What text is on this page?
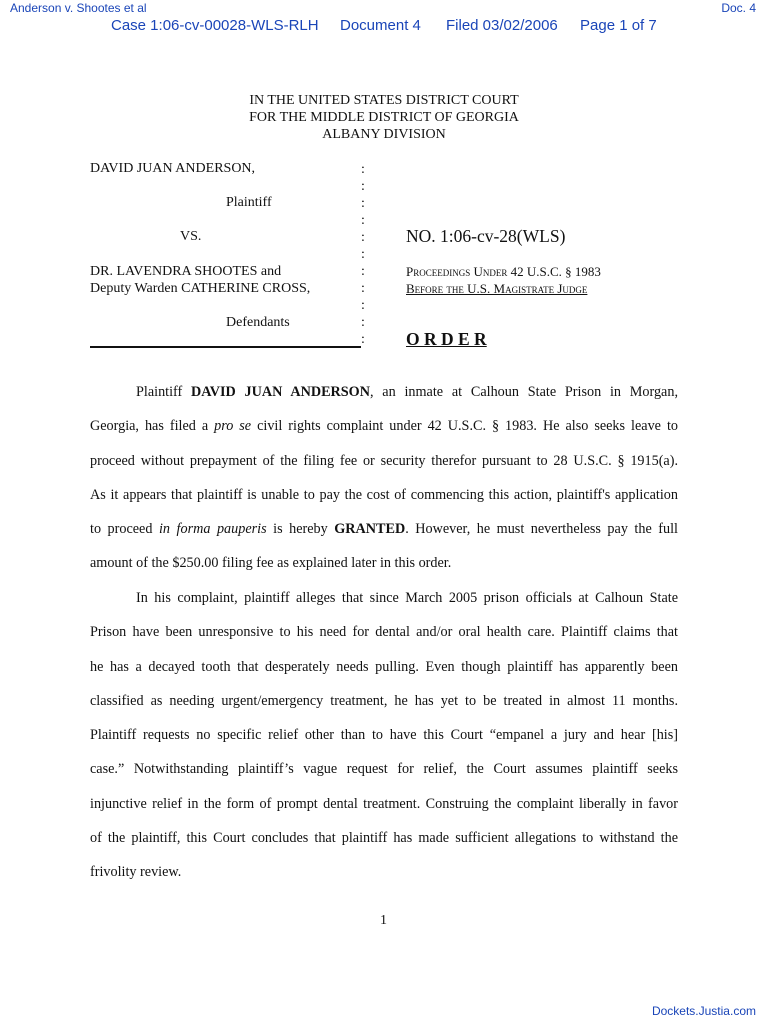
Anderson v. Shootes et al	Doc. 4
Case 1:06-cv-00028-WLS-RLH Document 4 Filed 03/02/2006 Page 1 of 7
IN THE UNITED STATES DISTRICT COURT
FOR THE MIDDLE DISTRICT OF GEORGIA
ALBANY DIVISION
DAVID JUAN ANDERSON,
Plaintiff
VS.
DR. LAVENDRA SHOOTES and
Deputy Warden CATHERINE CROSS,
Defendants
:
:
:
:
:
:
:
:
:
:
:
NO. 1:06-cv-28(WLS)
Proceedings Under 42 U.S.C. § 1983
Before the U.S. Magistrate Judge
O R D E R
Plaintiff DAVID JUAN ANDERSON, an inmate at Calhoun State Prison in Morgan,
Georgia, has filed a pro se civil rights complaint under 42 U.S.C. § 1983. He also seeks leave to
proceed without prepayment of the filing fee or security therefor pursuant to 28 U.S.C. § 1915(a).
As it appears that plaintiff is unable to pay the cost of commencing this action, plaintiff's application
to proceed in forma pauperis is hereby GRANTED. However, he must nevertheless pay the full
amount of the $250.00 filing fee as explained later in this order.
In his complaint, plaintiff alleges that since March 2005 prison officials at Calhoun State
Prison have been unresponsive to his need for dental and/or oral health care. Plaintiff claims that
he has a decayed tooth that desperately needs pulling. Even though plaintiff has apparently been
classified as needing urgent/emergency treatment, he has yet to be treated in almost 11 months.
Plaintiff requests no specific relief other than to have this Court “empanel a jury and hear [his]
case.” Notwithstanding plaintiff’s vague request for relief, the Court assumes plaintiff seeks
injunctive relief in the form of prompt dental treatment. Construing the complaint liberally in favor
of the plaintiff, this Court concludes that plaintiff has made sufficient allegations to withstand the
frivolity review.
1
Dockets.Justia.com
